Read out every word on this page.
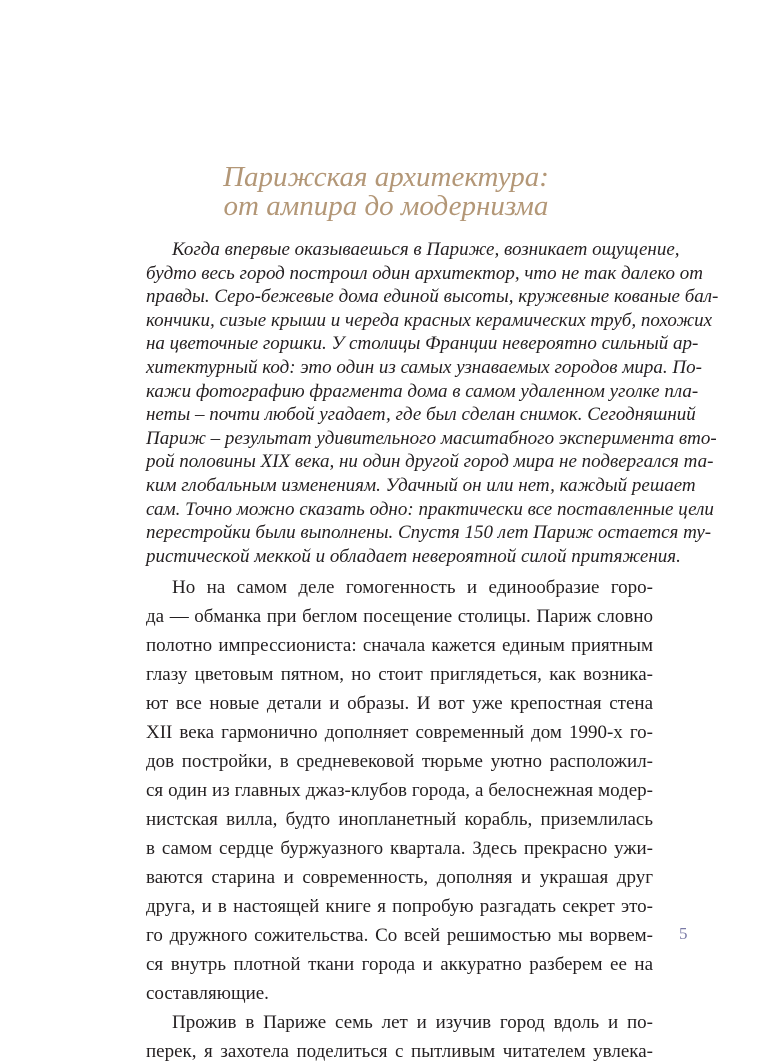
Парижская архитектура:
от ампира до модернизма
Когда впервые оказываешься в Париже, возникает ощущение,
будто весь город построил один архитектор, что не так далеко от
правды. Серо-бежевые дома единой высоты, кружевные кованые бал-
кончики, сизые крыши и череда красных керамических труб, похожих
на цветочные горшки. У столицы Франции невероятно сильный ар-
хитектурный код: это один из самых узнаваемых городов мира. По-
кажи фотографию фрагмента дома в самом удаленном уголке пла-
неты – почти любой угадает, где был сделан снимок. Сегодняшний
Париж – результат удивительного масштабного эксперимента вто-
рой половины XIX века, ни один другой город мира не подвергался та-
ким глобальным изменениям. Удачный он или нет, каждый решает
сам. Точно можно сказать одно: практически все поставленные цели
перестройки были выполнены. Спустя 150 лет Париж остается ту-
ристической меккой и обладает невероятной силой притяжения.
Но на самом деле гомогенность и единообразие горо-
да — обманка при беглом посещение столицы. Париж словно
полотно импрессиониста: сначала кажется единым приятным
глазу цветовым пятном, но стоит приглядеться, как возника-
ют все новые детали и образы. И вот уже крепостная стена
XII века гармонично дополняет современный дом 1990-х го-
дов постройки, в средневековой тюрьме уютно расположил-
ся один из главных джаз-клубов города, а белоснежная модер-
нистская вилла, будто инопланетный корабль, приземлилась
в самом сердце буржуазного квартала. Здесь прекрасно ужи-
ваются старина и современность, дополняя и украшая друг
друга, и в настоящей книге я попробую разгадать секрет это-
го дружного сожительства. Со всей решимостью мы ворвем-
ся внутрь плотной ткани города и аккуратно разберем ее на
составляющие.
Прожив в Париже семь лет и изучив город вдоль и по-
перек, я захотела поделиться с пытливым читателем увлека-
5
